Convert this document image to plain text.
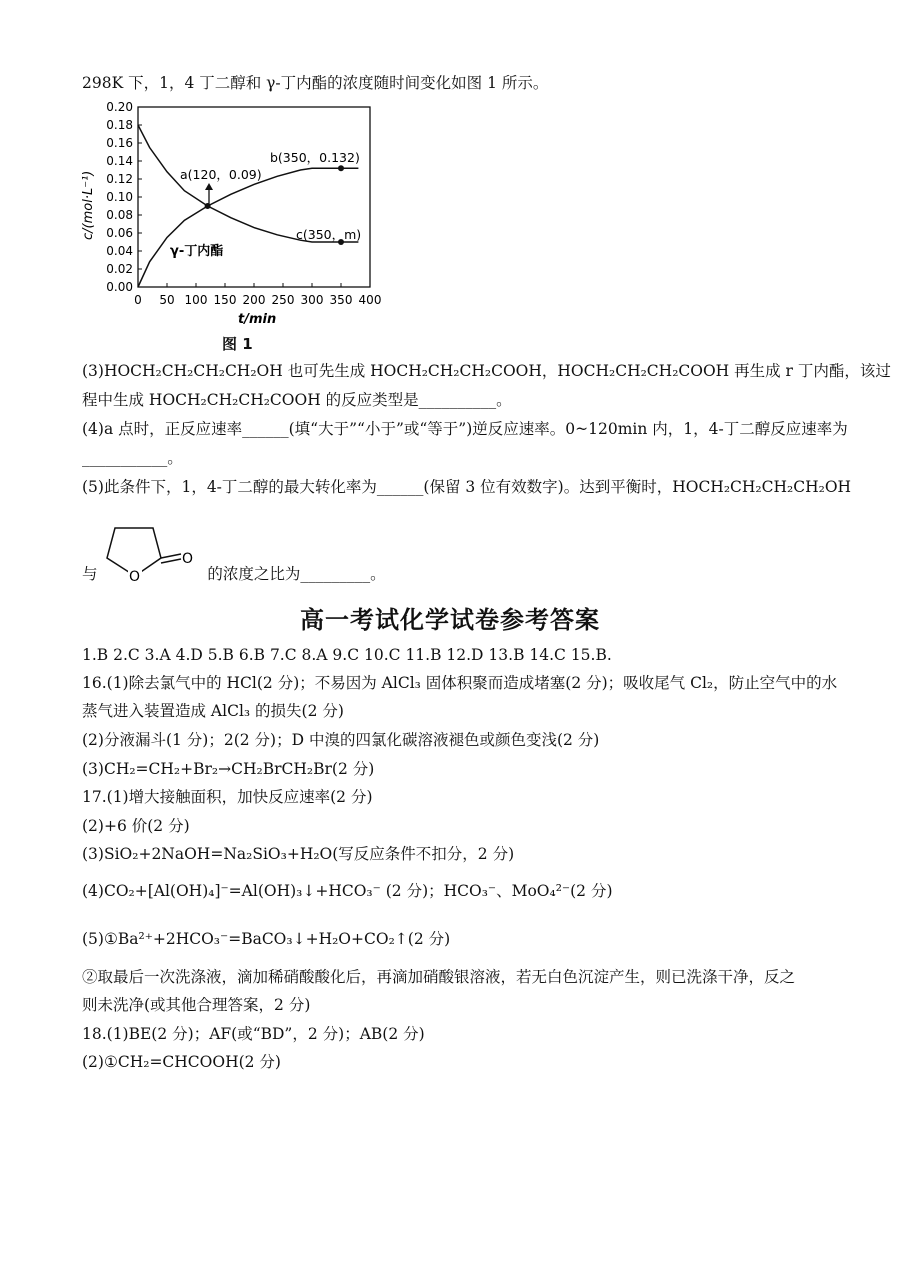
298K 下，1，4 丁二醇和 γ-丁内酯的浓度随时间变化如图 1 所示。
0.00
0.02
0.04
0.06
0.08
0.10
0.12
0.14
0.16
0.18
0.20
0 50 100 150 200 250 300 350 400
c/(mol·L⁻¹)
t/min
a(120，0.09)
b(350，0.132)
c(350，m)
γ-丁内酯
图 1
(3)HOCH₂CH₂CH₂CH₂OH 也可先生成 HOCH₂CH₂CH₂COOH，HOCH₂CH₂CH₂COOH 再生成 r 丁内酯，该过
程中生成 HOCH₂CH₂CH₂COOH 的反应类型是__________。
(4)a 点时，正反应速率______(填“大于”“小于”或“等于”)逆反应速率。0~120min 内，1，4-丁二醇反应速率为
___________。
(5)此条件下，1，4-丁二醇的最大转化率为______(保留 3 位有效数字)。达到平衡时，HOCH₂CH₂CH₂CH₂OH
与	的浓度之比为_________。
O
O
高一考试化学试卷参考答案
1.B 2.C 3.A 4.D 5.B 6.B 7.C 8.A 9.C 10.C 11.B 12.D 13.B 14.C 15.B.
16.(1)除去氯气中的 HCl(2 分)；不易因为 AlCl₃ 固体积聚而造成堵塞(2 分)；吸收尾气 Cl₂，防止空气中的水
蒸气进入装置造成 AlCl₃ 的损失(2 分)
(2)分液漏斗(1 分)；2(2 分)；D 中溴的四氯化碳溶液褪色或颜色变浅(2 分)
(3)CH₂=CH₂+Br₂→CH₂BrCH₂Br(2 分)
17.(1)增大接触面积，加快反应速率(2 分)
(2)+6 价(2 分)
(3)SiO₂+2NaOH=Na₂SiO₃+H₂O(写反应条件不扣分，2 分)
(4)CO₂+[Al(OH)₄]⁻=Al(OH)₃↓+HCO₃⁻ (2 分)；HCO₃⁻、MoO₄²⁻(2 分)
(5)①Ba²⁺+2HCO₃⁻=BaCO₃↓+H₂O+CO₂↑(2 分)
②取最后一次洗涤液，滴加稀硝酸酸化后，再滴加硝酸银溶液，若无白色沉淀产生，则已洗涤干净，反之
则未洗净(或其他合理答案，2 分)
18.(1)BE(2 分)；AF(或“BD”，2 分)；AB(2 分)
(2)①CH₂=CHCOOH(2 分)
